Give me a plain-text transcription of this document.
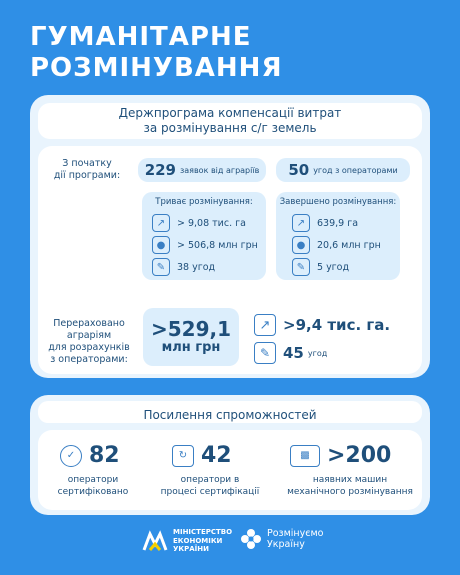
ГУМАНІТАРНЕ
РОЗМІНУВАННЯ
Держпрограма компенсації витрат
за розмінування с/г земель
З початку
дії програми:	229 заявок від аграріїв 50 угод з операторами
Триває розмінування:
↗	> 9,08 тис. га
●	> 506,8 млн грн
✎	38 угод
Завершено розмінування:
↗	639,9 га
●	20,6 млн грн
✎	5 угод
Перераховано
аграріям
для розрахунків
з операторами:
>529,1
млн грн
↗ >9,4 тис. га.
✎ 45 угод
Посилення спроможностей
✓ 82
оператори
сертифіковано
↻ 42
оператори в
процесі сертифікації
▩ >200
наявних машин
механічного розмінування
МІНІСТЕРСТВО
ЕКОНОМІКИ
УКРАЇНИ
Розмінуємо
Україну
